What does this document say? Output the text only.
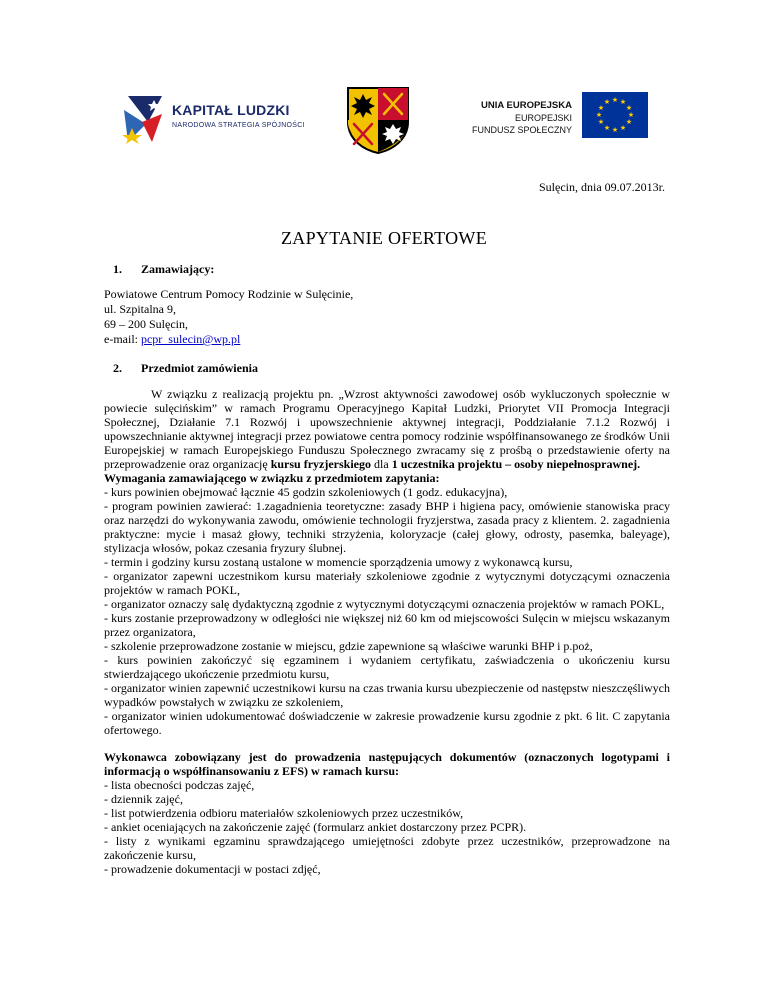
KAPITAŁ LUDZKI
NARODOWA STRATEGIA SPÓJNOŚCI
UNIA EUROPEJSKA
EUROPEJSKI
FUNDUSZ SPOŁECZNY
★ ★
★
★
★
★
★
★
★
★
★
★
Sulęcin, dnia 09.07.2013r.
ZAPYTANIE OFERTOWE
1.	Zamawiający:
Powiatowe Centrum Pomocy Rodzinie w Sulęcinie,
ul. Szpitalna 9,
69 – 200 Sulęcin,
e-mail: pcpr_sulecin@wp.pl
2.	Przedmiot zamówienia
W związku z realizacją projektu pn. „Wzrost aktywności zawodowej osób wykluczonych społecznie w powiecie sulęcińskim” w ramach Programu Operacyjnego Kapitał Ludzki, Priorytet VII Promocja Integracji Społecznej, Działanie 7.1 Rozwój i upowszechnienie aktywnej integracji, Poddziałanie 7.1.2 Rozwój i upowszechnianie aktywnej integracji przez powiatowe centra pomocy rodzinie współfinansowanego ze środków Unii Europejskiej w ramach Europejskiego Funduszu Społecznego zwracamy się z prośbą o przedstawienie oferty na przeprowadzenie oraz organizację kursu fryzjerskiego dla 1 uczestnika projektu – osoby niepełnosprawnej.
Wymagania zamawiającego w związku z przedmiotem zapytania:
- kurs powinien obejmować łącznie 45 godzin szkoleniowych (1 godz. edukacyjna),
- program powinien zawierać: 1.zagadnienia teoretyczne: zasady BHP i higiena pacy, omówienie stanowiska pracy oraz narzędzi do wykonywania zawodu, omówienie technologii fryzjerstwa, zasada pracy z klientem. 2. zagadnienia praktyczne: mycie i masaż głowy, techniki strzyżenia, koloryzacje (całej głowy, odrosty, pasemka, baleyage), stylizacja włosów, pokaz czesania fryzury ślubnej.
- termin i godziny kursu zostaną ustalone w momencie sporządzenia umowy z wykonawcą kursu,
- organizator zapewni uczestnikom kursu materiały szkoleniowe zgodnie z wytycznymi dotyczącymi oznaczenia projektów w ramach POKL,
- organizator oznaczy salę dydaktyczną zgodnie z wytycznymi dotyczącymi oznaczenia projektów w ramach POKL,
- kurs zostanie przeprowadzony w odległości nie większej niż 60 km od miejscowości Sulęcin w miejscu wskazanym przez organizatora,
- szkolenie przeprowadzone zostanie w miejscu, gdzie zapewnione są właściwe warunki BHP i p.poż,
- kurs powinien zakończyć się egzaminem i wydaniem certyfikatu, zaświadczenia o ukończeniu kursu stwierdzającego ukończenie przedmiotu kursu,
- organizator winien zapewnić uczestnikowi kursu na czas trwania kursu ubezpieczenie od następstw nieszczęśliwych wypadków powstałych w związku ze szkoleniem,
- organizator winien udokumentować doświadczenie w zakresie prowadzenie kursu zgodnie z pkt. 6 lit. C zapytania ofertowego.
Wykonawca zobowiązany jest do prowadzenia następujących dokumentów (oznaczonych logotypami i informacją o współfinansowaniu z EFS) w ramach kursu:
- lista obecności podczas zajęć,
- dziennik zajęć,
- list potwierdzenia odbioru materiałów szkoleniowych przez uczestników,
- ankiet oceniających na zakończenie zajęć (formularz ankiet dostarczony przez PCPR).
- listy z wynikami egzaminu sprawdzającego umiejętności zdobyte przez uczestników, przeprowadzone na zakończenie kursu,
- prowadzenie dokumentacji w postaci zdjęć,
